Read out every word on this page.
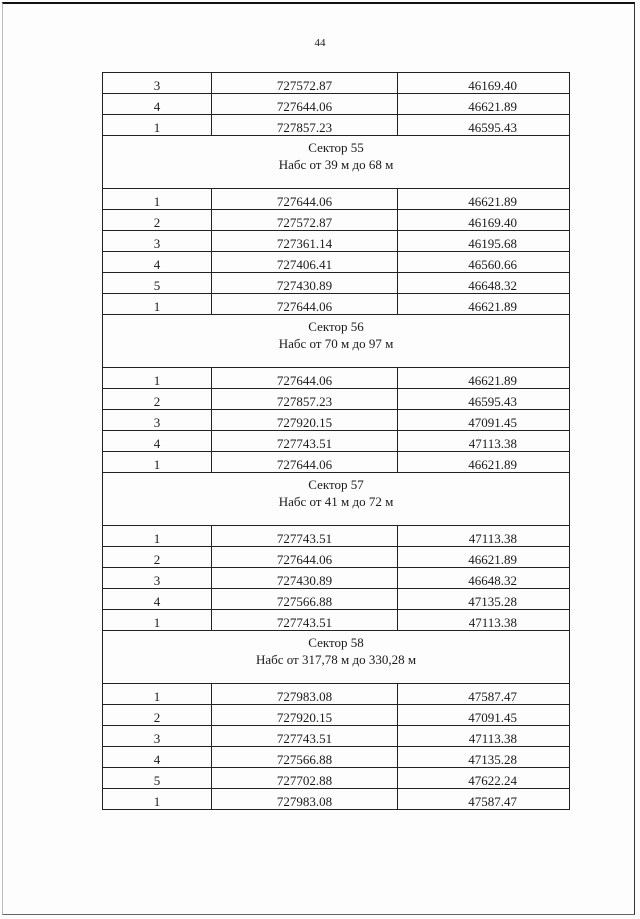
44
3	727572.87	46169.40
4	727644.06	46621.89
1	727857.23	46595.43

Сектор 55
Набс от 39 м до 68 м		

1	727644.06	46621.89
2	727572.87	46169.40
3	727361.14	46195.68
4	727406.41	46560.66
5	727430.89	46648.32
1	727644.06	46621.89

Сектор 56
Набс от 70 м до 97 м		

1	727644.06	46621.89
2	727857.23	46595.43
3	727920.15	47091.45
4	727743.51	47113.38
1	727644.06	46621.89

Сектор 57
Набс от 41 м до 72 м		

1	727743.51	47113.38
2	727644.06	46621.89
3	727430.89	46648.32
4	727566.88	47135.28
1	727743.51	47113.38

Сектор 58
Набс от 317,78 м до 330,28 м		

1	727983.08	47587.47
2	727920.15	47091.45
3	727743.51	47113.38
4	727566.88	47135.28
5	727702.88	47622.24
1	727983.08	47587.47
